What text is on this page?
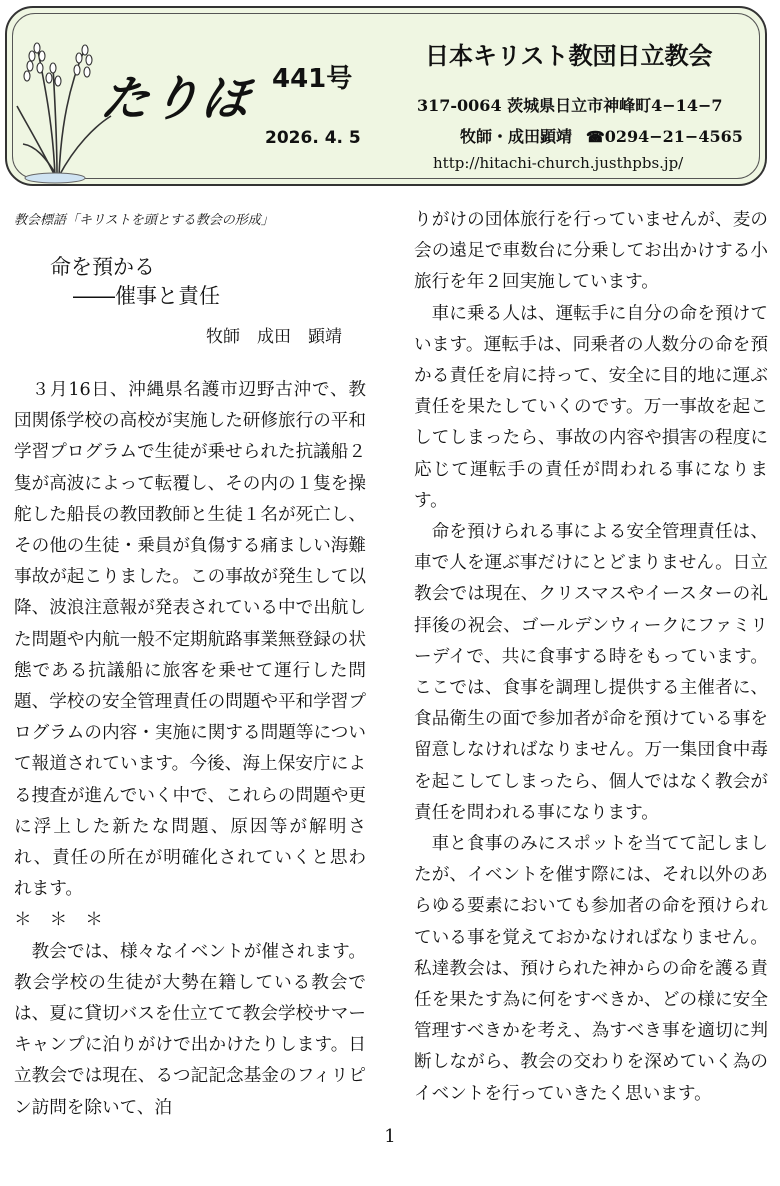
たりほ 441号
2026. 4. 5
日本キリスト教団日立教会
317-0064 茨城県日立市神峰町4−14−7
牧師・成田顕靖 ☎0294−21−4565
http://hitachi-church.justhpbs.jp/
教会標語「キリストを頭とする教会の形成」
命を預かる
――催事と責任
牧師　成田　顕靖

３月16日、沖縄県名護市辺野古沖で、教団関係学校の高校が実施した研修旅行の平和学習プログラムで生徒が乗せられた抗議船２隻が高波によって転覆し、その内の１隻を操舵した船長の教団教師と生徒１名が死亡し、その他の生徒・乗員が負傷する痛ましい海難事故が起こりました。この事故が発生して以降、波浪注意報が発表されている中で出航した問題や内航一般不定期航路事業無登録の状態である抗議船に旅客を乗せて運行した問題、学校の安全管理責任の問題や平和学習プログラムの内容・実施に関する問題等について報道されています。今後、海上保安庁による捜査が進んでいく中で、これらの問題や更に浮上した新たな問題、原因等が解明され、責任の所在が明確化されていくと思われます。

＊＊＊

教会では、様々なイベントが催されます。教会学校の生徒が大勢在籍している教会では、夏に貸切バスを仕立てて教会学校サマーキャンプに泊りがけで出かけたりします。日立教会では現在、るつ記記念基金のフィリピン訪問を除いて、泊

りがけの団体旅行を行っていませんが、麦の会の遠足で車数台に分乗してお出かけする小旅行を年２回実施しています。

車に乗る人は、運転手に自分の命を預けています。運転手は、同乗者の人数分の命を預かる責任を肩に持って、安全に目的地に運ぶ責任を果たしていくのです。万一事故を起こしてしまったら、事故の内容や損害の程度に応じて運転手の責任が問われる事になります。

命を預けられる事による安全管理責任は、車で人を運ぶ事だけにとどまりません。日立教会では現在、クリスマスやイースターの礼拝後の祝会、ゴールデンウィークにファミリーデイで、共に食事する時をもっています。ここでは、食事を調理し提供する主催者に、食品衛生の面で参加者が命を預けている事を留意しなければなりません。万一集団食中毒を起こしてしまったら、個人ではなく教会が責任を問われる事になります。

車と食事のみにスポットを当てて記しましたが、イベントを催す際には、それ以外のあらゆる要素においても参加者の命を預けられている事を覚えておかなければなりません。私達教会は、預けられた神からの命を護る責任を果たす為に何をすべきか、どの様に安全管理すべきかを考え、為すべき事を適切に判断しながら、教会の交わりを深めていく為のイベントを行っていきたく思います。

1
